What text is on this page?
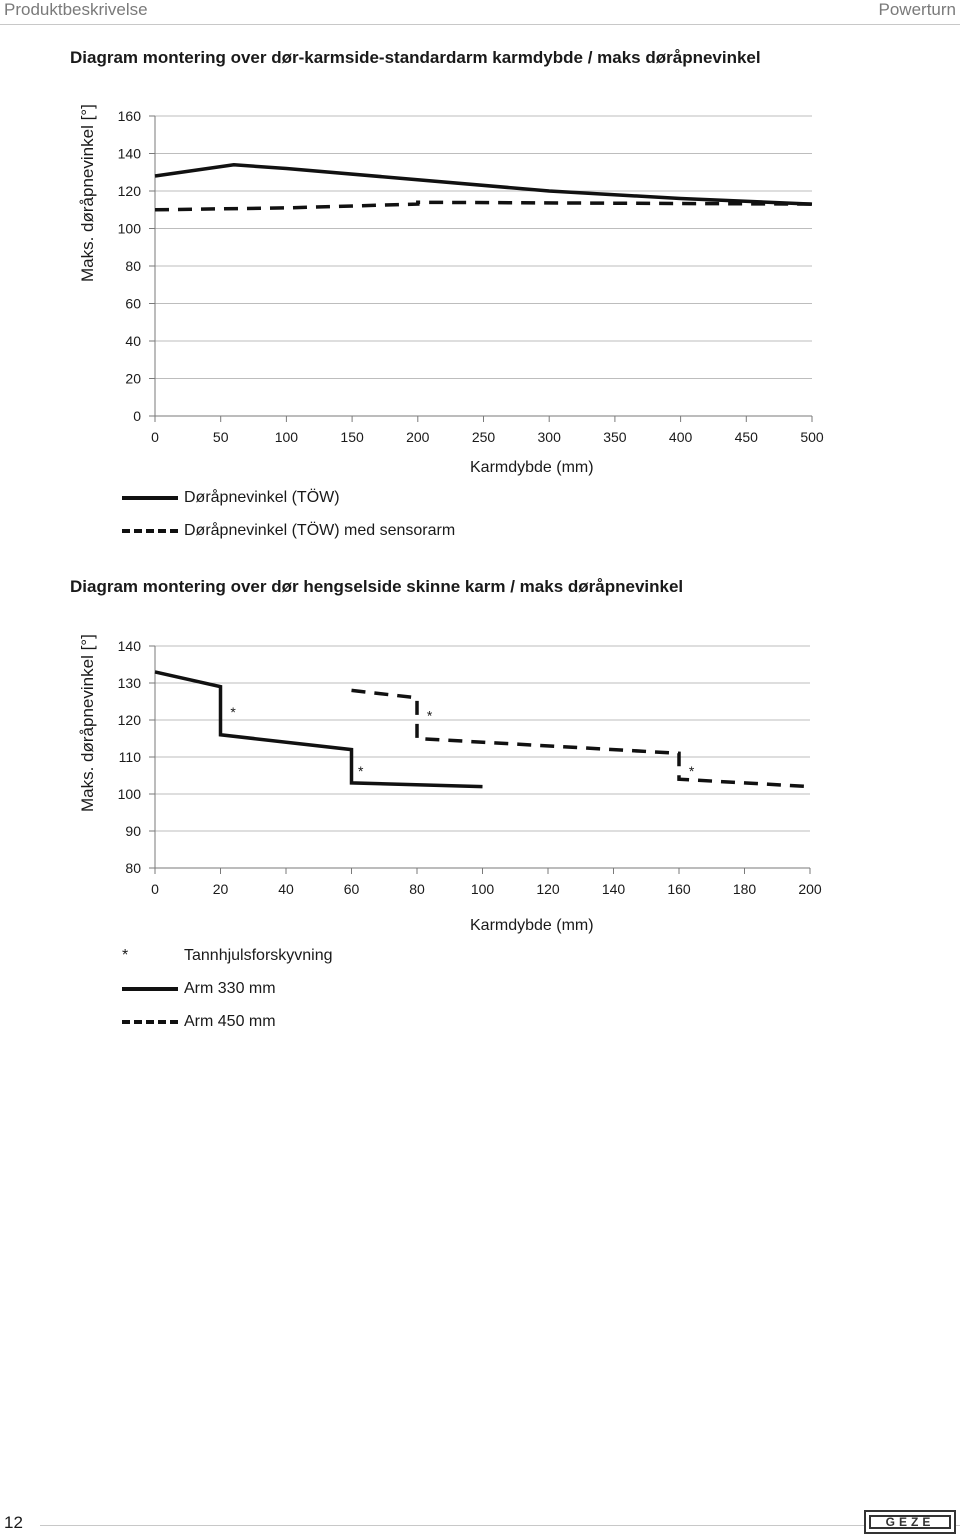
Produktbeskrivelse	Powerturn
Diagram montering over dør-karmside-standardarm karmdybde / maks døråpnevinkel
Maks. døråpnevinkel [°]
0
20
40
60
80
100
120
140
160
0	50	100	150	200	250	300	350	400	450	500
Karmdybde (mm)
Døråpnevinkel (TÖW)
Døråpnevinkel (TÖW) med sensorarm
Diagram montering over dør hengselside skinne karm / maks døråpnevinkel
Maks. døråpnevinkel [°]
80
90
100
110
120
130
140
0	20	40	60	80	100	120	140	160	180	200
*
*
*
*
Karmdybde (mm)
*	Tannhjulsforskyvning
Arm 330 mm
Arm 450 mm
12	GEZE
